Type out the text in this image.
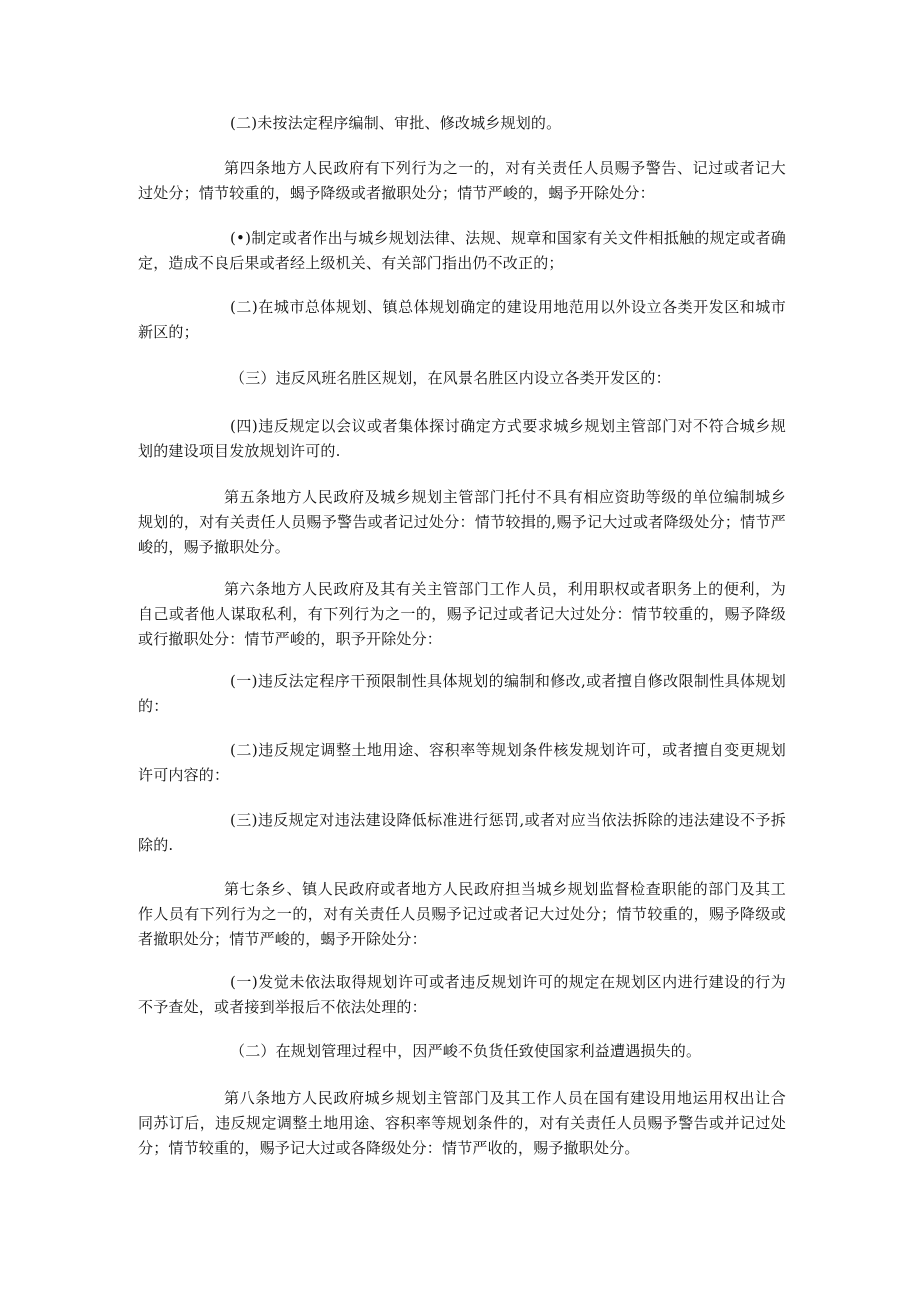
(二)未按法定程序编制、审批、修改城乡规划的。

第四条地方人民政府有下列行为之一的，对有关责任人员赐予警告、记过或者记大过处分；情节较重的，蝎予降级或者撤职处分；情节严峻的，蝎予开除处分：

(•)制定或者作出与城乡规划法律、法规、规章和国家有关文件相抵触的规定或者确定，造成不良后果或者经上级机关、有关部门指出仍不改正的；

(二)在城市总体规划、镇总体规划确定的建设用地范用以外设立各类开发区和城市新区的；

（三）违反风班名胜区规划，在风景名胜区内设立各类开发区的：

(四)违反规定以会议或者集体探讨确定方式要求城乡规划主管部门对不符合城乡规划的建设项目发放规划许可的.

第五条地方人民政府及城乡规划主管部门托付不具有相应资助等级的单位编制城乡规划的，对有关责任人员赐予警告或者记过处分：情节较揖的,赐予记大过或者降级处分；情节严峻的，赐予撤职处分。

第六条地方人民政府及其有关主管部门工作人员，利用职权或者职务上的便利，为自己或者他人谋取私利，有下列行为之一的，赐予记过或者记大过处分：情节较重的，赐予降级或行撤职处分：情节严峻的，职予开除处分：

(一)违反法定程序干预限制性具体规划的编制和修改,或者擅自修改限制性具体规划的：

(二)违反规定调整土地用途、容积率等规划条件核发规划许可，或者擅自变更规划许可内容的：

(三)违反规定对违法建设降低标准进行惩罚,或者对应当依法拆除的违法建设不予拆除的.

第七条乡、镇人民政府或者地方人民政府担当城乡规划监督检查职能的部门及其工作人员有下列行为之一的，对有关责任人员赐予记过或者记大过处分；情节较重的，赐予降级或者撤职处分；情节严峻的，蝎予开除处分：

(一)发觉未依法取得规划许可或者违反规划许可的规定在规划区内进行建设的行为不予查处，或者接到举报后不依法处理的：

（二）在规划管理过程中，因严峻不负货任致使国家利益遭遇损失的。

第八条地方人民政府城乡规划主管部门及其工作人员在国有建设用地运用权出让合同苏订后，违反规定调整土地用途、容积率等规划条件的，对有关责任人员赐予警告或并记过处分；情节较重的，赐予记大过或各降级处分：情节严收的，赐予撤职处分。
